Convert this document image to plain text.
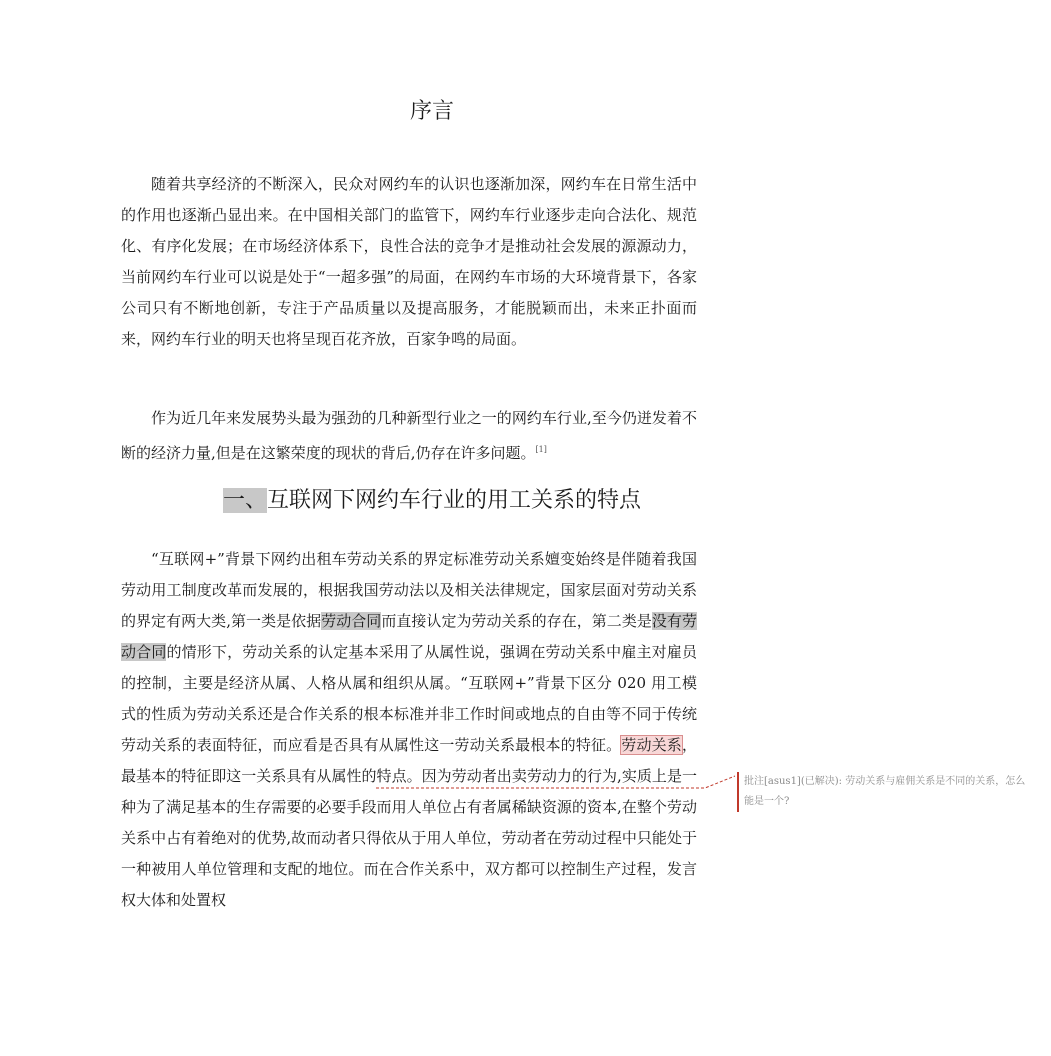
序言

随着共享经济的不断深入，民众对网约车的认识也逐渐加深，网约车在日常生活中的作用也逐渐凸显出来。在中国相关部门的监管下，网约车行业逐步走向合法化、规范化、有序化发展；在市场经济体系下，良性合法的竞争才是推动社会发展的源源动力，当前网约车行业可以说是处于“一超多强”的局面，在网约车市场的大环境背景下，各家公司只有不断地创新，专注于产品质量以及提高服务，才能脱颖而出，未来正扑面而来，网约车行业的明天也将呈现百花齐放，百家争鸣的局面。

作为近几年来发展势头最为强劲的几种新型行业之一的网约车行业,至今仍迸发着不断的经济力量,但是在这繁荣度的现状的背后,仍存在许多问题。[1]

一、互联网下网约车行业的用工关系的特点

“互联网+”背景下网约出租车劳动关系的界定标准劳动关系嬗变始终是伴随着我国劳动用工制度改革而发展的，根据我国劳动法以及相关法律规定，国家层面对劳动关系的界定有两大类,第一类是依据劳动合同而直接认定为劳动关系的存在，第二类是没有劳动合同的情形下，劳动关系的认定基本采用了从属性说，强调在劳动关系中雇主对雇员的控制，主要是经济从属、人格从属和组织从属。“互联网+”背景下区分 020 用工模式的性质为劳动关系还是合作关系的根本标准并非工作时间或地点的自由等不同于传统劳动关系的表面特征，而应看是否具有从属性这一劳动关系最根本的特征。劳动关系，最基本的特征即这一关系具有从属性的特点。因为劳动者出卖劳动力的行为,实质上是一种为了满足基本的生存需要的必要手段而用人单位占有者属稀缺资源的资本,在整个劳动关系中占有着绝对的优势,故而动者只得依从于用人单位，劳动者在劳动过程中只能处于一种被用人单位管理和支配的地位。而在合作关系中，双方都可以控制生产过程，发言权大体和处置权

批注[asus1](已解决): 劳动关系与雇佣关系是不同的关系，怎么能是一个?
